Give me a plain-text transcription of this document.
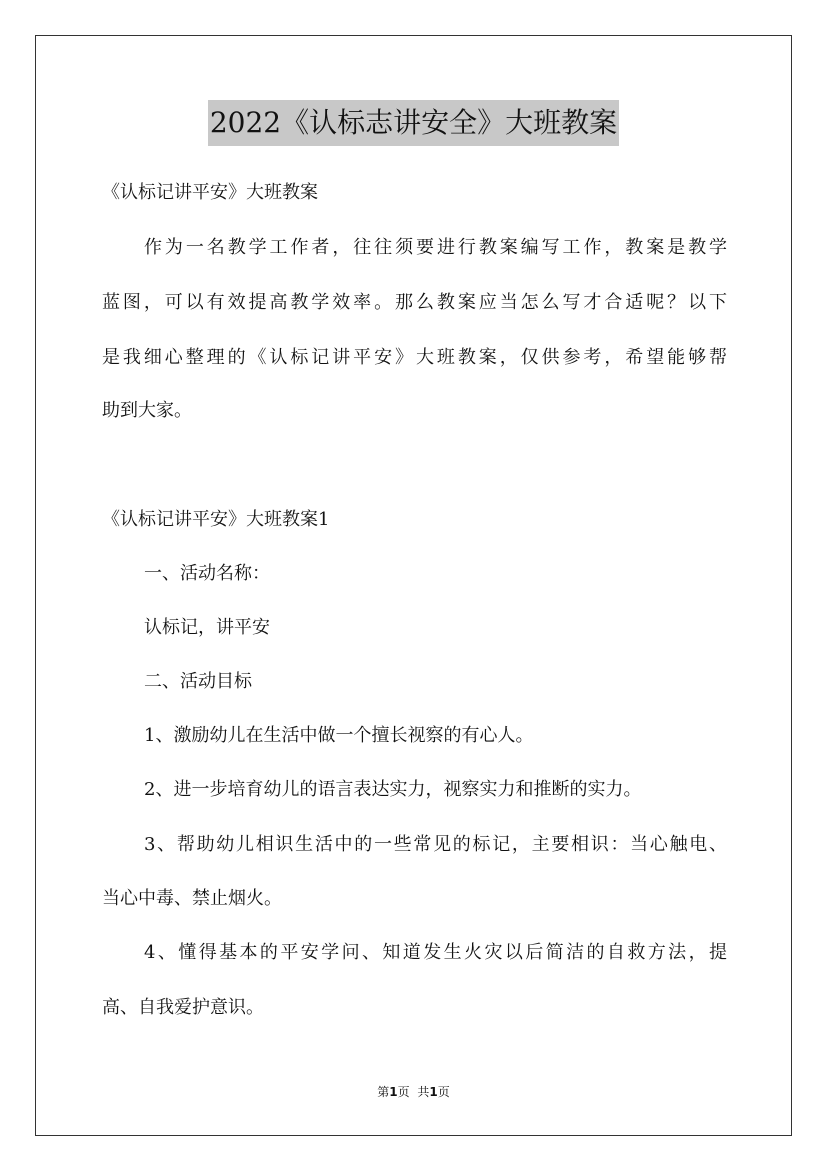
2022《认标志讲安全》大班教案
《认标记讲平安》大班教案
作为一名教学工作者，往往须要进行教案编写工作，教案是教学
蓝图，可以有效提高教学效率。那么教案应当怎么写才合适呢？以下
是我细心整理的《认标记讲平安》大班教案，仅供参考，希望能够帮
助到大家。
《认标记讲平安》大班教案1
一、活动名称：
认标记，讲平安
二、活动目标
1、激励幼儿在生活中做一个擅长视察的有心人。
2、进一步培育幼儿的语言表达实力，视察实力和推断的实力。
3、帮助幼儿相识生活中的一些常见的标记，主要相识：当心触电、
当心中毒、禁止烟火。
4、懂得基本的平安学问、知道发生火灾以后简洁的自救方法，提
高、自我爱护意识。
第1页 共1页
